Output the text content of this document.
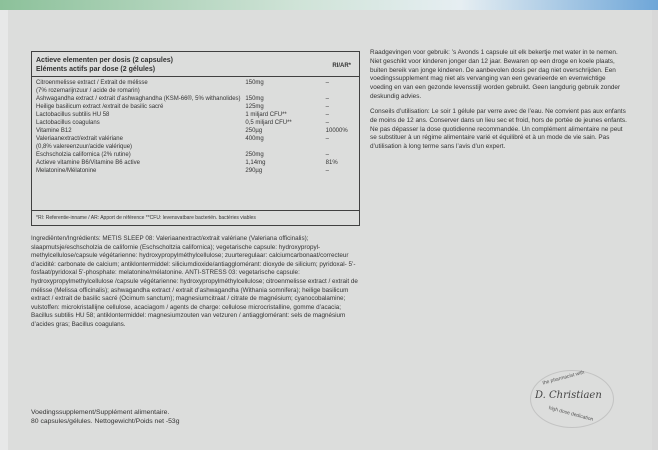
Actieve elementen per dosis (2 capsules)
Eléments actifs par dose (2 gélules)	RI/AR*
Citroenmelisse extract / Extrait de mélisse	150mg	–
(7% rozemarijnzuur / acide de romarin)
Ashwagandha extract / extrait d’ashwaghandha (KSM-66®, 5% withanolides) 150mg	–
Heilige basilicum extract /extrait de basilic sacré	125mg	–
Lactobacillus subtilis HU 58	1 miljard CFU**	–
Lactobacillus coagulans	0,5 miljard CFU**	–
Vitamine B12	250µg	10000%
Valeriaanextract/extrait valériane	400mg	–
(0,8% valereenzuur/acide valérique)
Eschscholzia californica (2% rutine)	250mg	–
Actieve vitamine B6/Vitamine B6 active	1,14mg	81%
Melatonine/Mélatonine	290µg	–
*RI: Referentie-inname / AR: Apport de référence **CFU: levensvatbare bacteriën. bactéries viables
Ingrediënten/Ingrédients: METIS SLEEP 08: Valeriaanextract/extrait valériane (Valeriana officinalis); slaapmutsje/eschscholzia de californie (Eschscholtzia californica); vegetarische capsule: hydroxypropyl-methylcellulose/capsule végétarienne: hydroxypropylméthylcellulose; zuurteregulaar: calciumcarbonaat/correcteur d’acidité: carbonate de calcium; antiklontermiddel: siliciumdioxide/antiagglomérant: dioxyde de silicium; pyridoxal- 5’-fosfaat/pyridoxal 5’-phosphate: melatonine/mélatonine. ANTI-STRESS 03: vegetarische capsule: hydroxypropylmethylcellulose /capsule végétarienne: hydroxypropylméthylcellulose; citroenmelisse extract / extrait de mélisse (Melissa officinalis); ashwagandha extract / extrait d’ashwagandha (Withania somnifera); heilige basilicum extract / extrait de basilic sacré (Ocimum sanctum); magnesiumcitraat / citrate de magnésium; cyanocobalamine; vulstoffen: microkristallijne cellulose, acaciagom / agents de charge: cellulose microcristalline, gomme d’acacia; Bacillus subtilis HU 58; antiklontermiddel: magnesiumzouten van vetzuren / antiagglomérant: sels de magnésium d’acides gras; Bacillus coagulans.
Raadgevingen voor gebruik: ’s Avonds 1 capsule uit elk bekertje met water in te nemen. Niet geschikt voor kinderen jonger dan 12 jaar. Bewaren op een droge en koele plaats, buiten bereik van jonge kinderen. De aanbevolen dosis per dag niet overschrijden. Een voedingssupplement mag niet als vervanging van een gevarieerde en evenwichtige voeding en van een gezonde levensstijl worden gebruikt. Geen langdurig gebruik zonder deskundig advies.
Conseils d’utilisation: Le soir 1 gélule par verre avec de l’eau. Ne convient pas aux enfants de moins de 12 ans. Conserver dans un lieu sec et froid, hors de portée de jeunes enfants. Ne pas dépasser la dose quotidienne recommandée. Un complément alimentaire ne peut se substituer à un régime alimentaire varié et équilibré et à un mode de vie sain. Pas d’utilisation à long terme sans l’avis d’un expert.
Voedingssupplement/Supplément alimentaire.
80 capsules/gélules. Nettogewicht/Poids net -53g
the pharmacist with
D. Christiaen
high dose dedication
